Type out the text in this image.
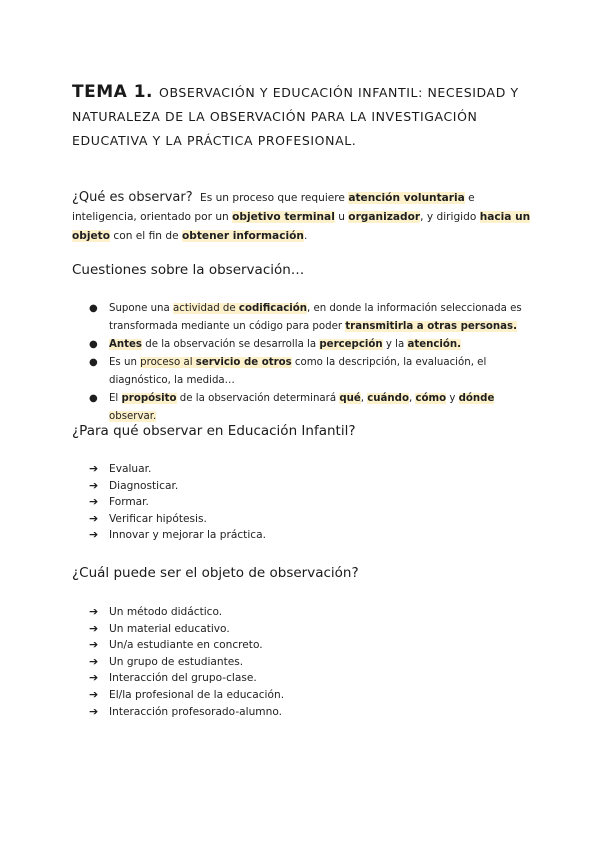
TEMA 1. OBSERVACIÓN Y EDUCACIÓN INFANTIL: NECESIDAD Y NATURALEZA DE LA OBSERVACIÓN PARA LA INVESTIGACIÓN EDUCATIVA Y LA PRÁCTICA PROFESIONAL.

¿Qué es observar? Es un proceso que requiere atención voluntaria e inteligencia, orientado por un objetivo terminal u organizador, y dirigido hacia un objeto con el fin de obtener información.

Cuestiones sobre la observación…
● Supone una actividad de codificación, en donde la información seleccionada es transformada mediante un código para poder transmitirla a otras personas.
● Antes de la observación se desarrolla la percepción y la atención.
● Es un proceso al servicio de otros como la descripción, la evaluación, el diagnóstico, la medida…
● El propósito de la observación determinará qué, cuándo, cómo y dónde observar.
¿Para qué observar en Educación Infantil?
➔ Evaluar.
➔ Diagnosticar.
➔ Formar.
➔ Verificar hipótesis.
➔ Innovar y mejorar la práctica.
¿Cuál puede ser el objeto de observación?
➔ Un método didáctico.
➔ Un material educativo.
➔ Un/a estudiante en concreto.
➔ Un grupo de estudiantes.
➔ Interacción del grupo-clase.
➔ El/la profesional de la educación.
➔ Interacción profesorado-alumno.
